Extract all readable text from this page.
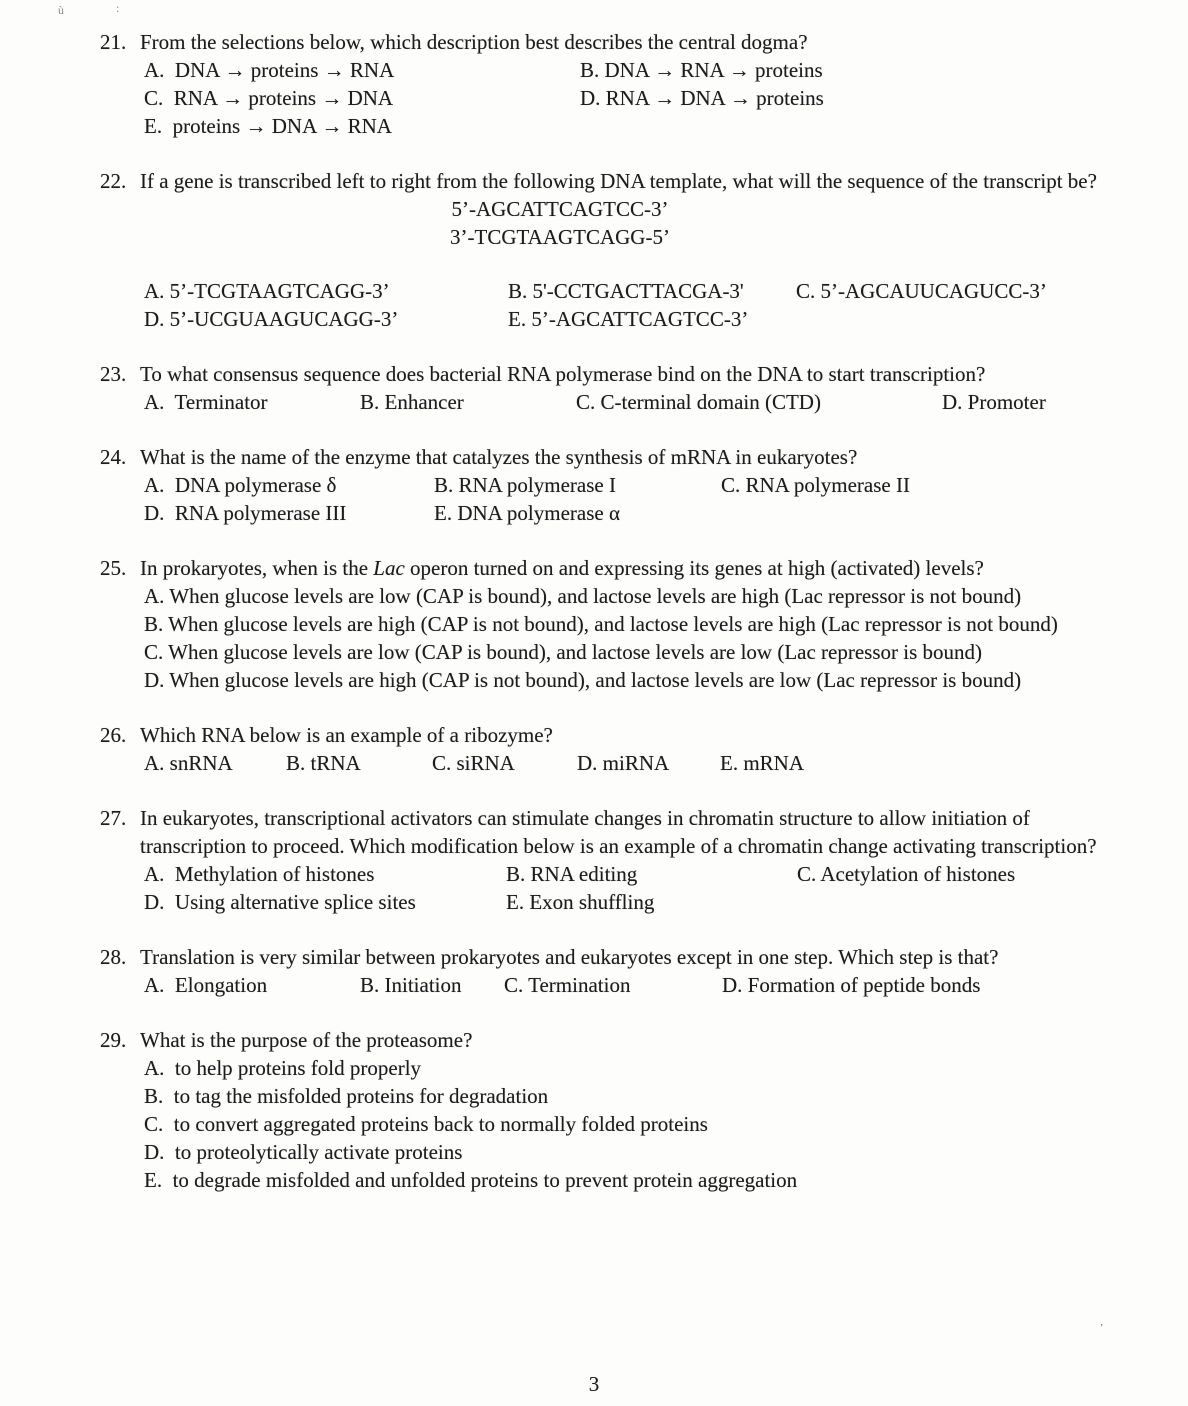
ù	:
’
21. From the selections below, which description best describes the central dogma?
A.  DNA → proteins → RNA	B. DNA → RNA → proteins
C.  RNA → proteins → DNA	D. RNA → DNA → proteins
E.  proteins → DNA → RNA
22. If a gene is transcribed left to right from the following DNA template, what will the sequence of the transcript be?
5’-AGCATTCAGTCC-3’
3’-TCGTAAGTCAGG-5’
A. 5’-TCGTAAGTCAGG-3’	B. 5'-CCTGACTTACGA-3'	C. 5’-AGCAUUCAGUCC-3’
D. 5’-UCGUAAGUCAGG-3’	E. 5’-AGCATTCAGTCC-3’
23. To what consensus sequence does bacterial RNA polymerase bind on the DNA to start transcription?
A.  Terminator	B. Enhancer	C. C-terminal domain (CTD)	D. Promoter
24. What is the name of the enzyme that catalyzes the synthesis of mRNA in eukaryotes?
A.  DNA polymerase δ	B. RNA polymerase I	C. RNA polymerase II
D.  RNA polymerase III	E. DNA polymerase α
25. In prokaryotes, when is the Lac operon turned on and expressing its genes at high (activated) levels?
A. When glucose levels are low (CAP is bound), and lactose levels are high (Lac repressor is not bound)
B. When glucose levels are high (CAP is not bound), and lactose levels are high (Lac repressor is not bound)
C. When glucose levels are low (CAP is bound), and lactose levels are low (Lac repressor is bound)
D. When glucose levels are high (CAP is not bound), and lactose levels are low (Lac repressor is bound)
26. Which RNA below is an example of a ribozyme?
A. snRNA	B. tRNA	C. siRNA	D. miRNA	E. mRNA
27. In eukaryotes, transcriptional activators can stimulate changes in chromatin structure to allow initiation of transcription to proceed. Which modification below is an example of a chromatin change activating transcription?
A.  Methylation of histones	B. RNA editing	C. Acetylation of histones
D.  Using alternative splice sites	E. Exon shuffling
28. Translation is very similar between prokaryotes and eukaryotes except in one step. Which step is that?
A.  Elongation	B. Initiation	C. Termination	D. Formation of peptide bonds
29. What is the purpose of the proteasome?
A.  to help proteins fold properly
B.  to tag the misfolded proteins for degradation
C.  to convert aggregated proteins back to normally folded proteins
D.  to proteolytically activate proteins
E.  to degrade misfolded and unfolded proteins to prevent protein aggregation
3
